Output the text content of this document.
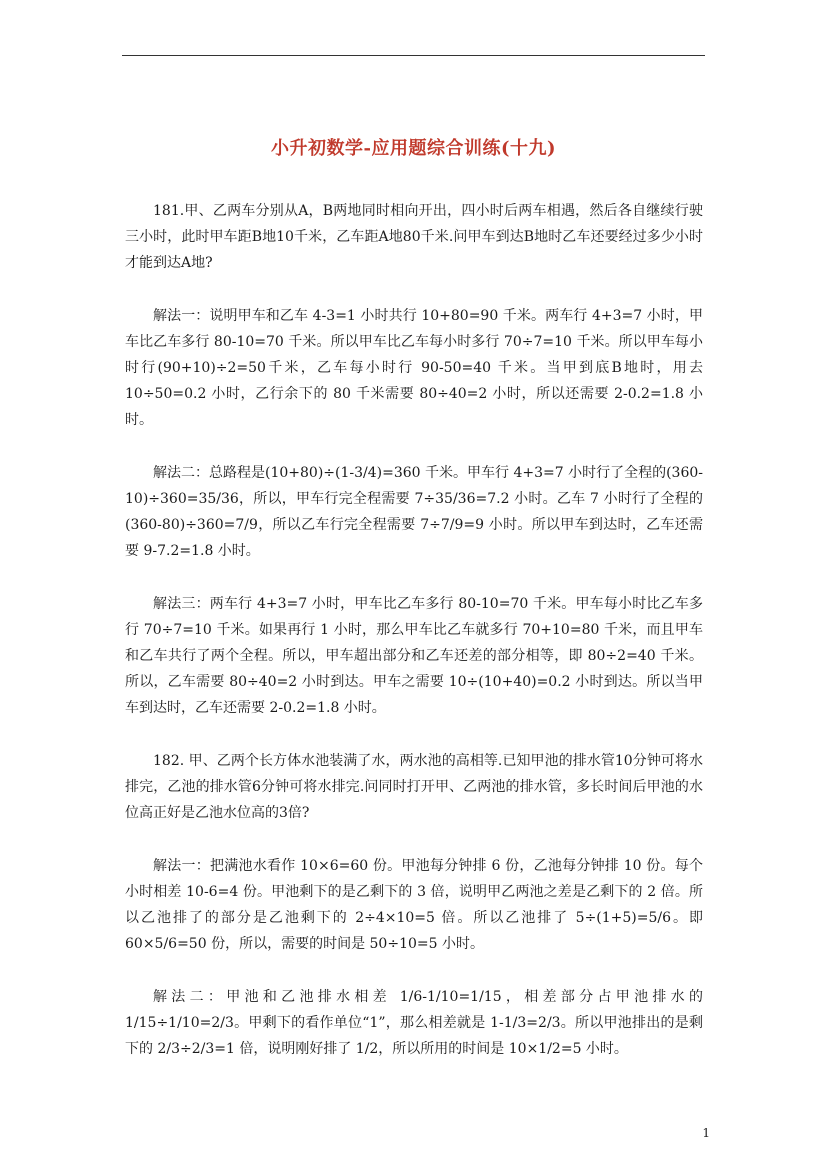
小升初数学-应用题综合训练(十九)

181.甲、乙两车分别从A，B两地同时相向开出，四小时后两车相遇，然后各自继续行驶三小时，此时甲车距B地10千米，乙车距A地80千米.问甲车到达B地时乙车还要经过多少小时才能到达A地?

解法一：说明甲车和乙车 4-3=1 小时共行 10+80=90 千米。两车行 4+3=7 小时，甲车比乙车多行 80-10=70 千米。所以甲车比乙车每小时多行 70÷7=10 千米。所以甲车每小时行(90+10)÷2=50千米，乙车每小时行 90-50=40 千米。当甲到底B地时，用去 10÷50=0.2 小时，乙行余下的 80 千米需要 80÷40=2 小时，所以还需要 2-0.2=1.8 小时。

解法二：总路程是(10+80)÷(1-3/4)=360 千米。甲车行 4+3=7 小时行了全程的(360-10)÷360=35/36，所以，甲车行完全程需要 7÷35/36=7.2 小时。乙车 7 小时行了全程的(360-80)÷360=7/9，所以乙车行完全程需要 7÷7/9=9 小时。所以甲车到达时，乙车还需要 9-7.2=1.8 小时。

解法三：两车行 4+3=7 小时，甲车比乙车多行 80-10=70 千米。甲车每小时比乙车多行 70÷7=10 千米。如果再行 1 小时，那么甲车比乙车就多行 70+10=80 千米，而且甲车和乙车共行了两个全程。所以，甲车超出部分和乙车还差的部分相等，即 80÷2=40 千米。所以，乙车需要 80÷40=2 小时到达。甲车之需要 10÷(10+40)=0.2 小时到达。所以当甲车到达时，乙车还需要 2-0.2=1.8 小时。

182. 甲、乙两个长方体水池装满了水，两水池的高相等.已知甲池的排水管10分钟可将水排完，乙池的排水管6分钟可将水排完.问同时打开甲、乙两池的排水管，多长时间后甲池的水位高正好是乙池水位高的3倍?

解法一：把满池水看作 10×6=60 份。甲池每分钟排 6 份，乙池每分钟排 10 份。每个小时相差 10-6=4 份。甲池剩下的是乙剩下的 3 倍，说明甲乙两池之差是乙剩下的 2 倍。所以乙池排了的部分是乙池剩下的 2÷4×10=5 倍。所以乙池排了 5÷(1+5)=5/6。即 60×5/6=50 份，所以，需要的时间是 50÷10=5 小时。

解法二：甲池和乙池排水相差 1/6-1/10=1/15，相差部分占甲池排水的 1/15÷1/10=2/3。甲剩下的看作单位“1”，那么相差就是 1-1/3=2/3。所以甲池排出的是剩下的 2/3÷2/3=1 倍，说明刚好排了 1/2，所以所用的时间是 10×1/2=5 小时。

1
